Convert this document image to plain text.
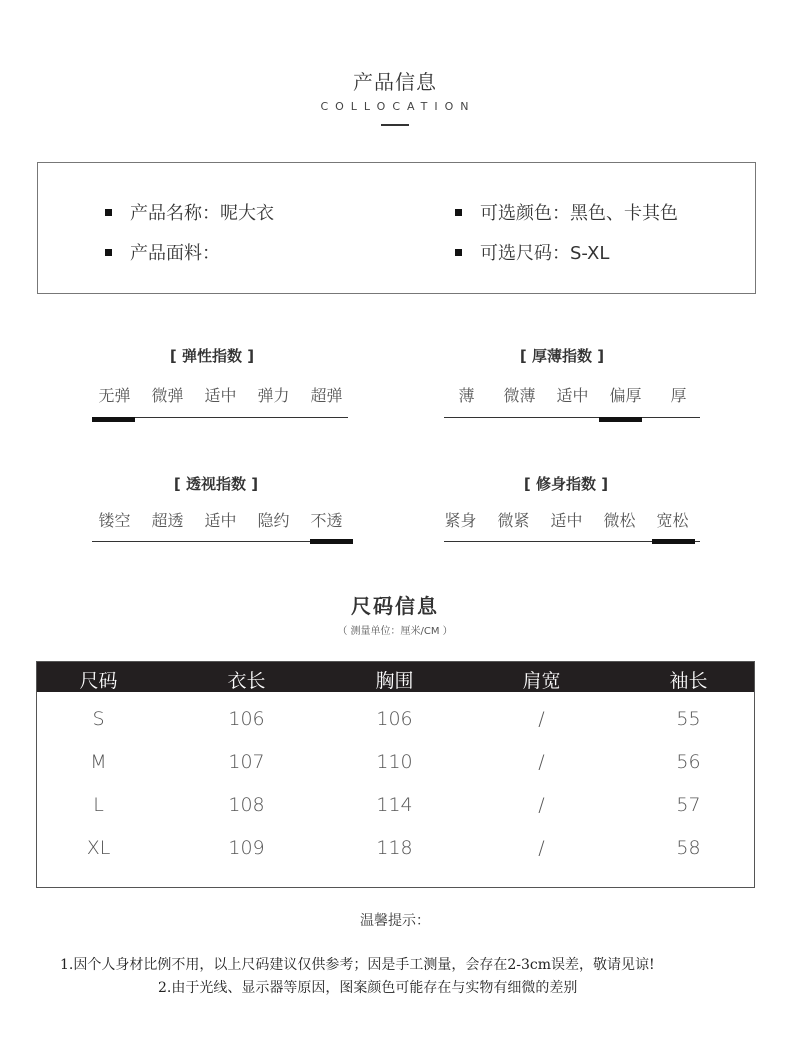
产品信息
COLLOCATION
产品名称：呢大衣
产品面料：
可选颜色：黑色、卡其色
可选尺码：S-XL
[ 弹性指数 ]
无弹	微弹	适中	弹力	超弹
[ 厚薄指数 ]
薄	微薄	适中	偏厚	厚
[ 透视指数 ]
镂空	超透	适中	隐约	不透
[ 修身指数 ]
紧身	微紧	适中	微松	宽松
尺码信息
（ 测量单位：厘米/CM ）
尺码	衣长	胸围	肩宽	袖长
S	106	106	/	55
M	107	110	/	56
L	108	114	/	57
XL	109	118	/	58
温馨提示：
1.因个人身材比例不用，以上尺码建议仅供参考；因是手工测量，会存在2-3cm误差，敬请见谅!
2.由于光线、显示器等原因，图案颜色可能存在与实物有细微的差别
